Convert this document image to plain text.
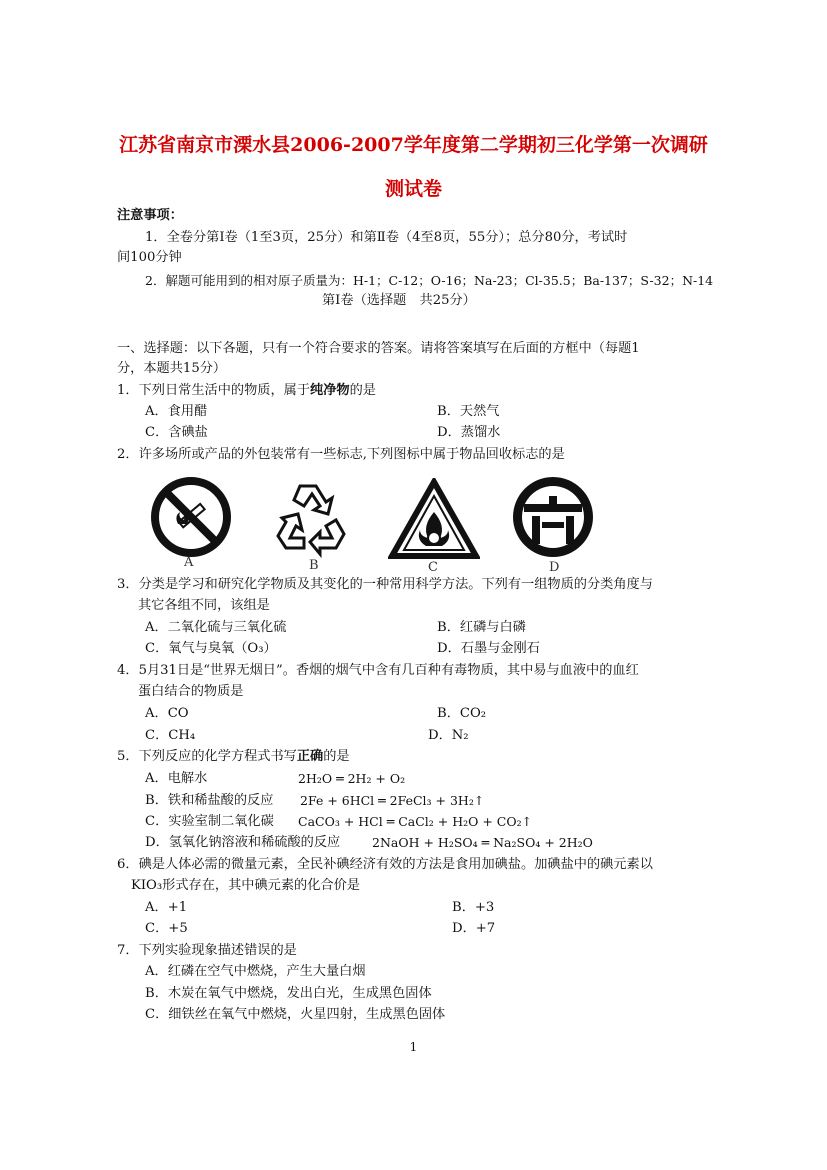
江苏省南京市溧水县2006-2007学年度第二学期初三化学第一次调研
测试卷
注意事项：
1．全卷分第Ⅰ卷（1至3页，25分）和第Ⅱ卷（4至8页，55分）；总分80分，考试时
间100分钟
2．解题可能用到的相对原子质量为：H-1；C-12；O-16；Na-23；Cl-35.5；Ba-137；S-32；N-14
第Ⅰ卷（选择题　共25分）
一、选择题：以下各题，只有一个符合要求的答案。请将答案填写在后面的方框中（每题1
分，本题共15分）
1．下列日常生活中的物质，属于纯净物的是
A．食用醋	B．天然气
C．含碘盐	D．蒸馏水
2．许多场所或产品的外包装常有一些标志,下列图标中属于物品回收标志的是
A	B	C	D
3．分类是学习和研究化学物质及其变化的一种常用科学方法。下列有一组物质的分类角度与
其它各组不同，该组是
A．二氧化硫与三氧化硫	B．红磷与白磷
C．氧气与臭氧（O₃）	D．石墨与金刚石
4．5月31日是“世界无烟日”。香烟的烟气中含有几百种有毒物质，其中易与血液中的血红
蛋白结合的物质是
A．CO	B．CO₂
C．CH₄	D．N₂
5．下列反应的化学方程式书写正确的是
A．电解水	2H₂O ═ 2H₂ + O₂
B．铁和稀盐酸的反应 2Fe + 6HCl ═ 2FeCl₃ + 3H₂↑
C．实验室制二氧化碳 CaCO₃ + HCl ═ CaCl₂ + H₂O + CO₂↑
D．氢氧化钠溶液和稀硫酸的反应	2NaOH + H₂SO₄ ═ Na₂SO₄ + 2H₂O
6．碘是人体必需的微量元素，全民补碘经济有效的方法是食用加碘盐。加碘盐中的碘元素以
KIO₃形式存在，其中碘元素的化合价是
A．+1	B．+3
C．+5	D．+7
7．下列实验现象描述错误的是
A．红磷在空气中燃烧，产生大量白烟
B．木炭在氧气中燃烧，发出白光，生成黑色固体
C．细铁丝在氧气中燃烧，火星四射，生成黑色固体
1
